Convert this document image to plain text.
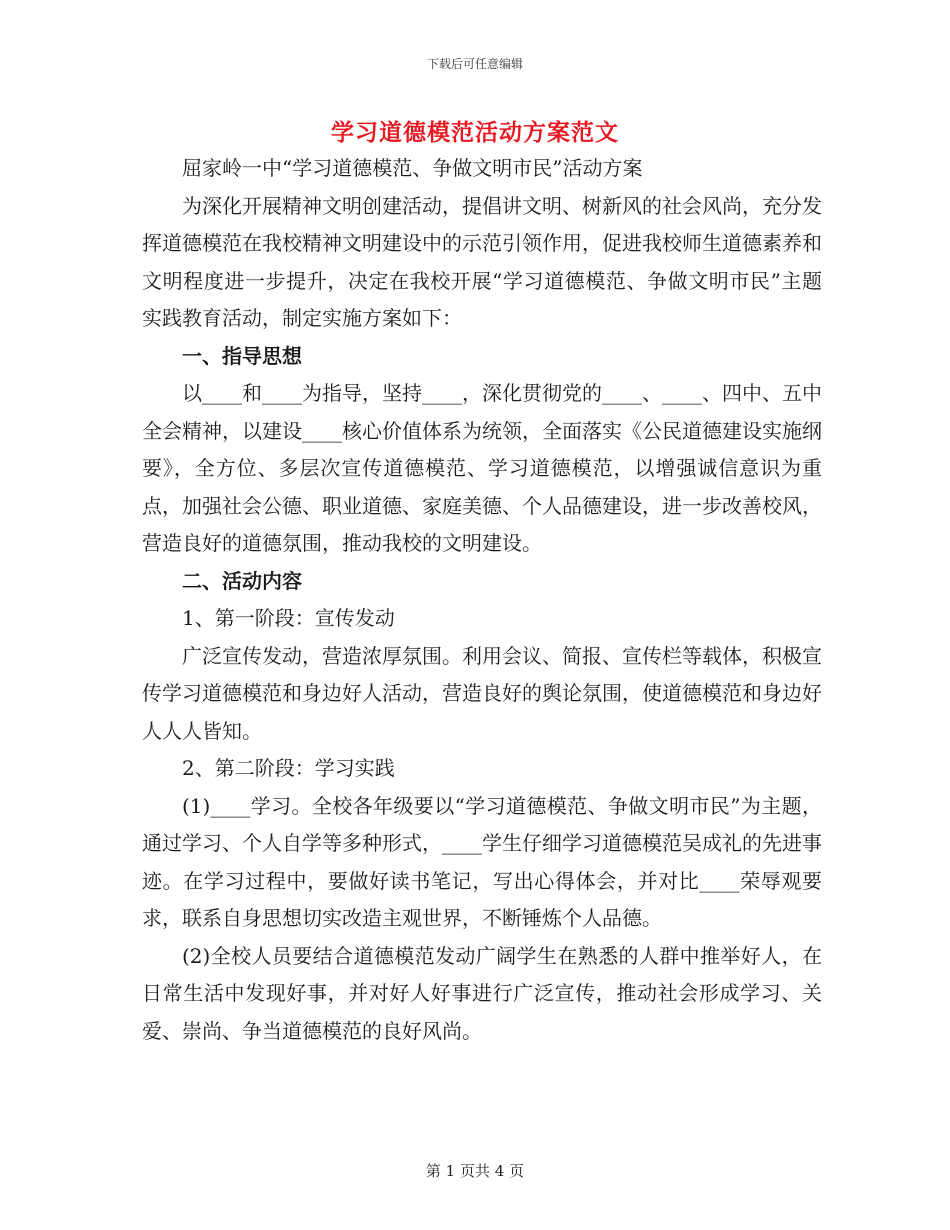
下载后可任意编辑
学习道德模范活动方案范文

屈家岭一中“学习道德模范、争做文明市民”活动方案

为深化开展精神文明创建活动，提倡讲文明、树新风的社会风尚，充分发挥道德模范在我校精神文明建设中的示范引领作用，促进我校师生道德素养和文明程度进一步提升，决定在我校开展“学习道德模范、争做文明市民”主题实践教育活动，制定实施方案如下：

一、指导思想

以____和____为指导，坚持____，深化贯彻党的____、____、四中、五中全会精神，以建设____核心价值体系为统领，全面落实《公民道德建设实施纲要》，全方位、多层次宣传道德模范、学习道德模范，以增强诚信意识为重点，加强社会公德、职业道德、家庭美德、个人品德建设，进一步改善校风，营造良好的道德氛围，推动我校的文明建设。

二、活动内容

1、第一阶段：宣传发动

广泛宣传发动，营造浓厚氛围。利用会议、简报、宣传栏等载体，积极宣传学习道德模范和身边好人活动，营造良好的舆论氛围，使道德模范和身边好人人人皆知。

2、第二阶段：学习实践

(1)____学习。全校各年级要以“学习道德模范、争做文明市民”为主题，通过学习、个人自学等多种形式，____学生仔细学习道德模范吴成礼的先进事迹。在学习过程中，要做好读书笔记，写出心得体会，并对比____荣辱观要求，联系自身思想切实改造主观世界，不断锤炼个人品德。

(2)全校人员要结合道德模范发动广阔学生在熟悉的人群中推举好人，在日常生活中发现好事，并对好人好事进行广泛宣传，推动社会形成学习、关爱、崇尚、争当道德模范的良好风尚。

第 1 页共 4 页
